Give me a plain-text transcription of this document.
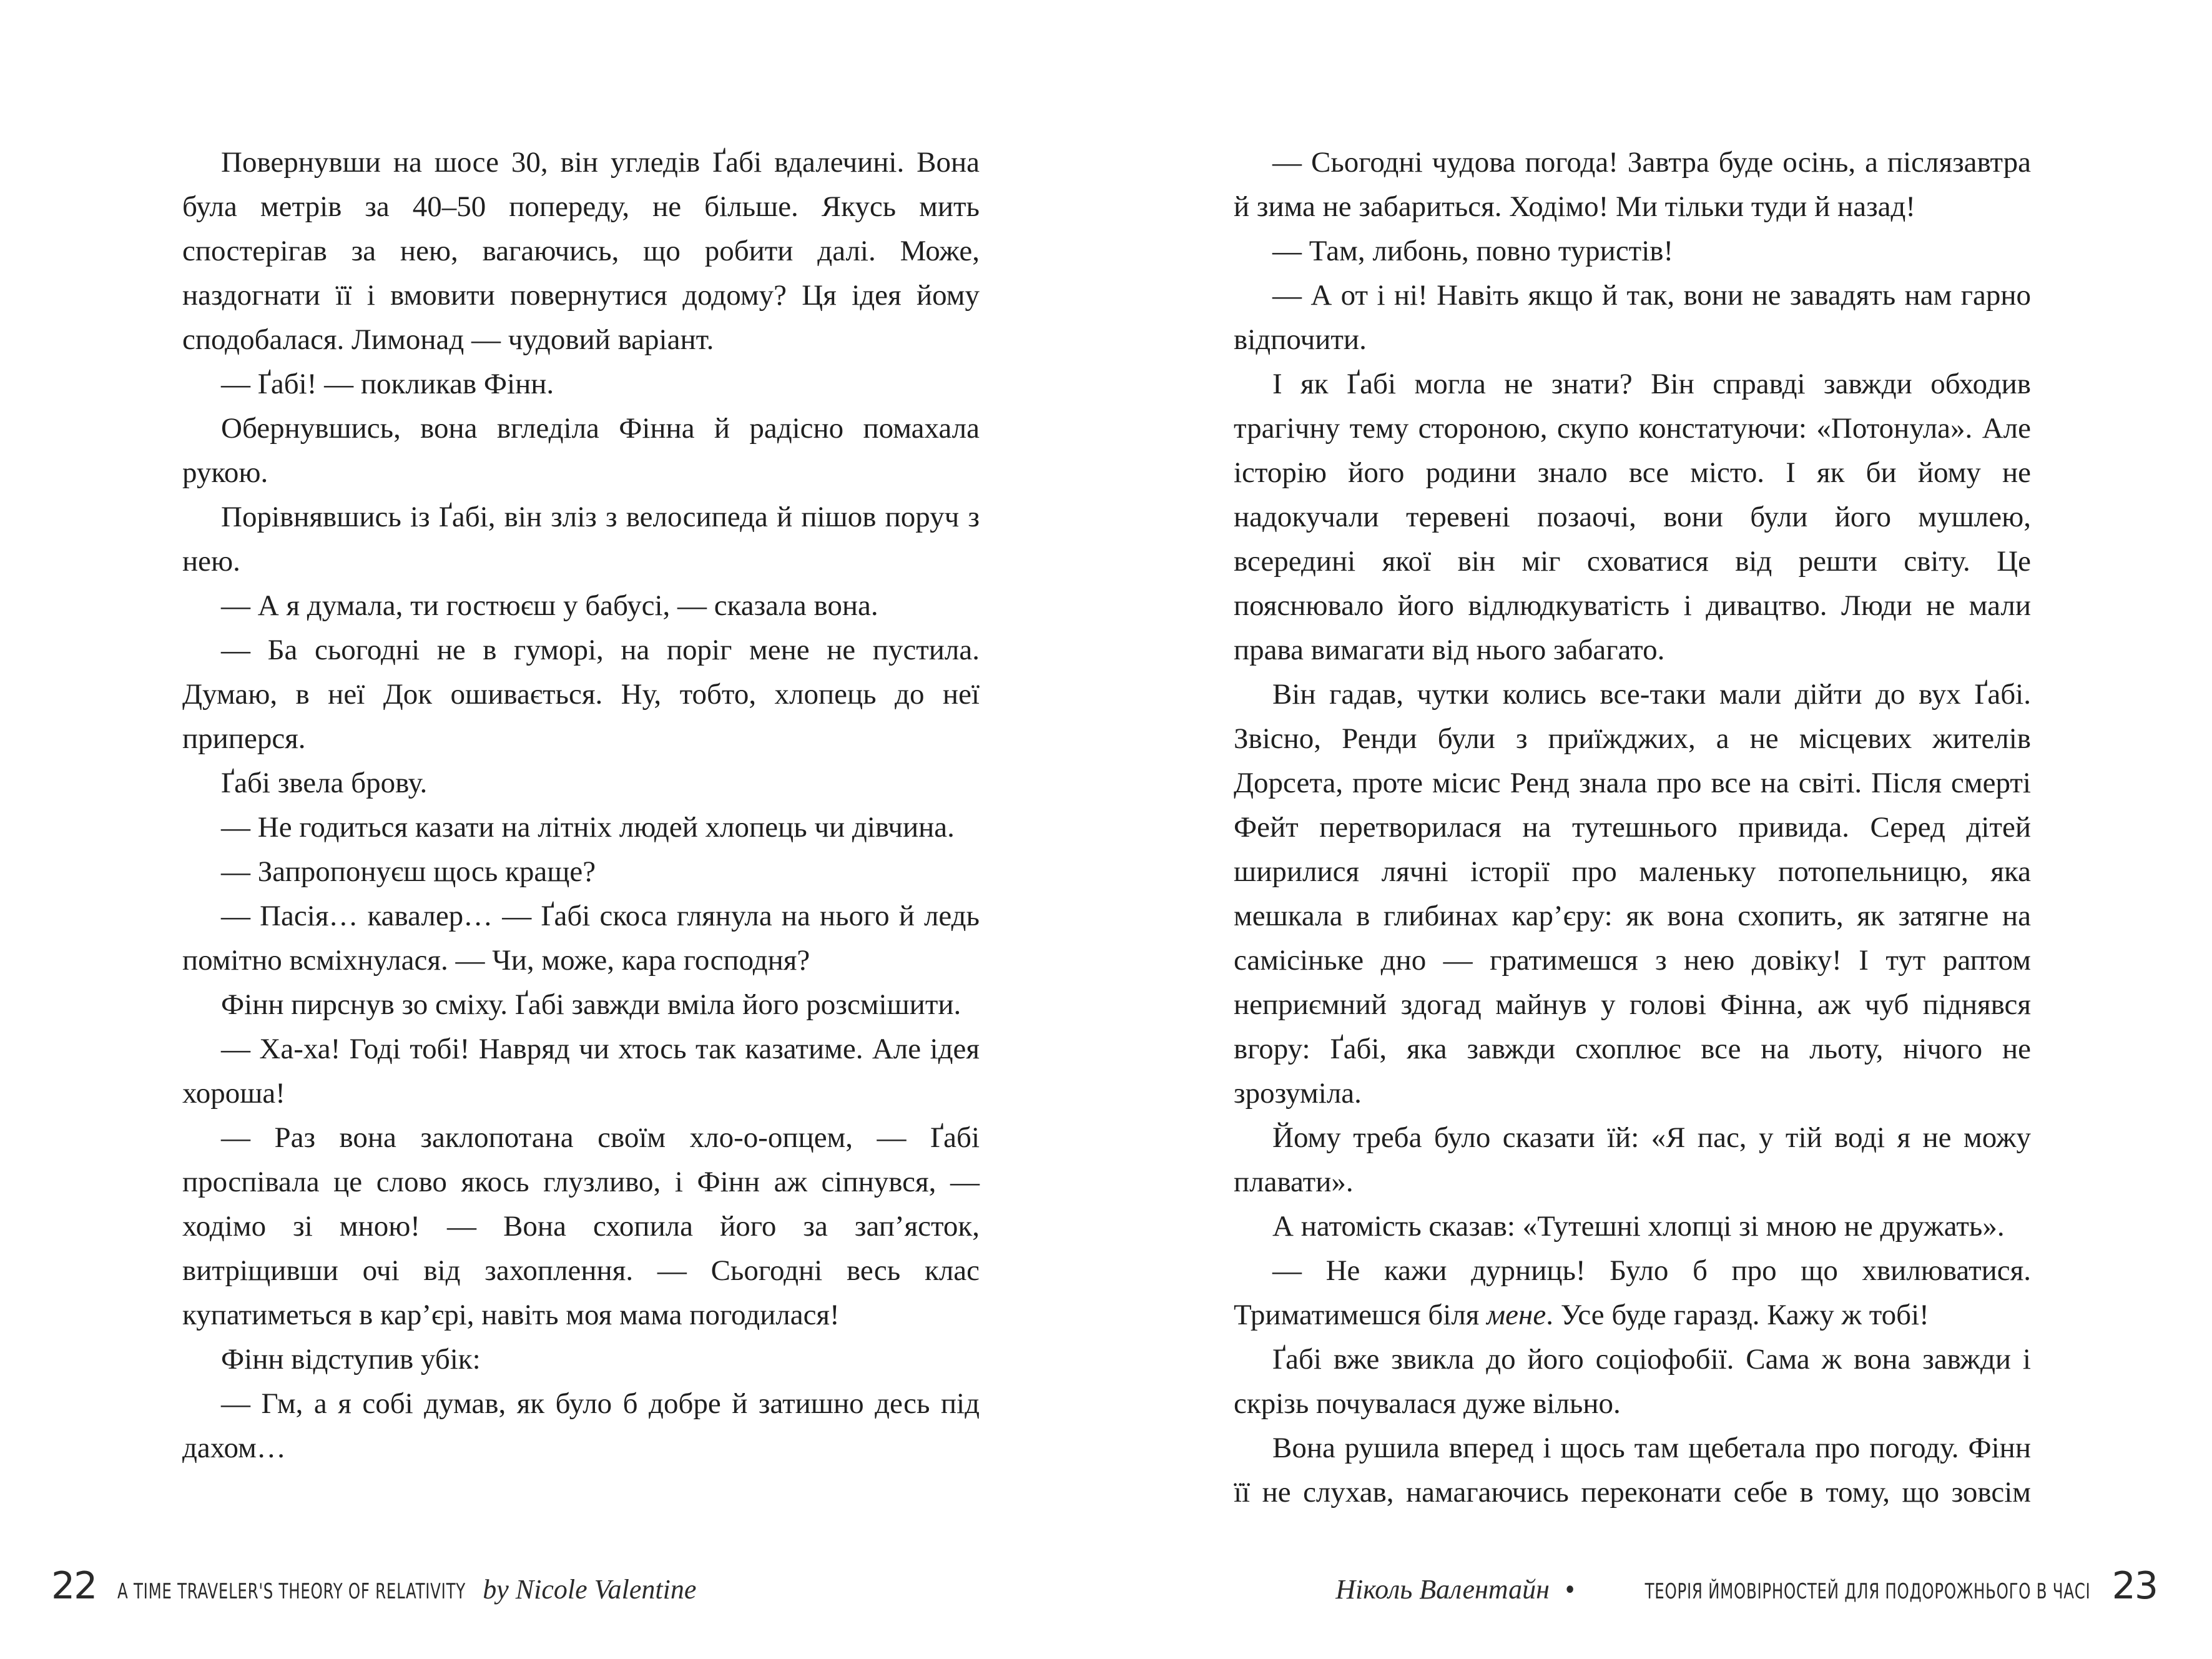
Повернувши на шосе 30, він угледів Ґабі вдалечині. Вона була метрів за 40–50 попереду, не більше. Якусь мить спостерігав за нею, вагаючись, що робити далі. Може, наздогнати її і вмовити повернутися додому? Ця ідея йому сподобалася. Лимонад — чудовий варіант.

— Ґабі! — покликав Фінн.

Обернувшись, вона вгледіла Фінна й радісно помахала рукою.

Порівнявшись із Ґабі, він зліз з велосипеда й пішов поруч з нею.

— А я думала, ти гостюєш у бабусі, — сказала вона.

— Ба сьогодні не в гуморі, на поріг мене не пустила. Думаю, в неї Док ошивається. Ну, тобто, хлопець до неї приперся.

Ґабі звела брову.

— Не годиться казати на літніх людей хлопець чи дівчина.

— Запропонуєш щось краще?

— Пасія… кавалер… — Ґабі скоса глянула на нього й ледь помітно всміхнулася. — Чи, може, кара господня?

Фінн пирснув зо сміху. Ґабі завжди вміла його розсмішити.

— Ха-ха! Годі тобі! Навряд чи хтось так казатиме. Але ідея хороша!

— Раз вона заклопотана своїм хло-о-опцем, — Ґабі проспівала це слово якось глузливо, і Фінн аж сіпнувся, — ходімо зі мною! — Вона схопила його за зап’ясток, витріщивши очі від захоплення. — Сьогодні весь клас купатиметься в кар’єрі, навіть моя мама погодилася!

Фінн відступив убік:

— Гм, а я собі думав, як було б добре й затишно десь під дахом…

— Сьогодні чудова погода! Завтра буде осінь, а післязавтра й зима не забариться. Ходімо! Ми тільки туди й назад!

— Там, либонь, повно туристів!

— А от і ні! Навіть якщо й так, вони не завадять нам гарно відпочити.

І як Ґабі могла не знати? Він справді завжди обходив трагічну тему стороною, скупо констатуючи: «Потонула». Але історію його родини знало все місто. І як би йому не надокучали теревені позаочі, вони були його мушлею, всередині якої він міг сховатися від решти світу. Це пояснювало його відлюдкуватість і дивацтво. Люди не мали права вимагати від нього забагато.

Він гадав, чутки колись все-таки мали дійти до вух Ґабі. Звісно, Ренди були з приїжджих, а не місцевих жителів Дорсета, проте місис Ренд знала про все на світі. Після смерті Фейт перетворилася на тутешнього привида. Серед дітей ширилися лячні історії про маленьку потопельницю, яка мешкала в глибинах кар’єру: як вона схопить, як затягне на самісіньке дно — гратимешся з нею довіку! І тут раптом неприємний здогад майнув у голові Фінна, аж чуб піднявся вгору: Ґабі, яка завжди схоплює все на льоту, нічого не зрозуміла.

Йому треба було сказати їй: «Я пас, у тій воді я не можу плавати».

А натомість сказав: «Тутешні хлопці зі мною не дружать».

— Не кажи дурниць! Було б про що хвилюватися. Триматимешся біля мене. Усе буде гаразд. Кажу ж тобі!

Ґабі вже звикла до його соціофобії. Сама ж вона завжди і скрізь почувалася дуже вільно.

Вона рушила вперед і щось там щебетала про погоду. Фінн її не слухав, намагаючись переконати себе в тому, що зовсім

22 A TIME TRAVELER'S THEORY OF RELATIVITY by Nicole Valentine	Ніколь Валентайн •	ТЕОРІЯ ЙМОВІРНОСТЕЙ ДЛЯ ПОДОРОЖНЬОГО В ЧАСІ 23
